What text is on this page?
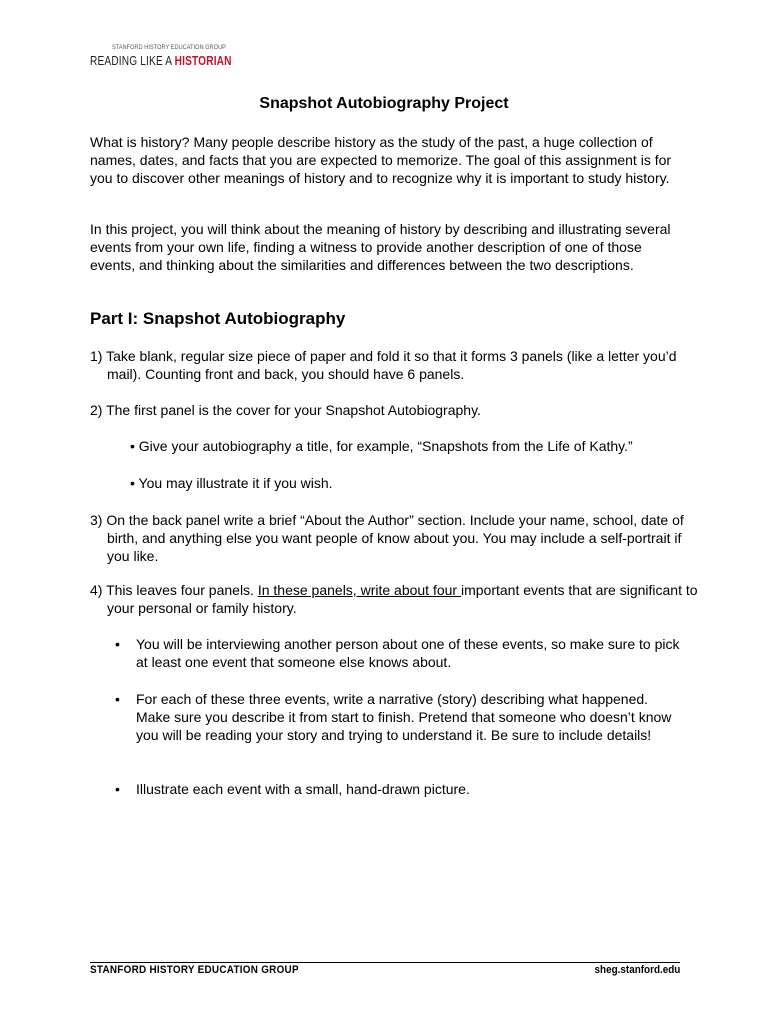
STANFORD HISTORY EDUCATION GROUP
READING LIKE A HISTORIAN
Snapshot Autobiography Project
What is history? Many people describe history as the study of the past, a huge collection of names, dates, and facts that you are expected to memorize. The goal of this assignment is for you to discover other meanings of history and to recognize why it is important to study history.
In this project, you will think about the meaning of history by describing and illustrating several events from your own life, finding a witness to provide another description of one of those events, and thinking about the similarities and differences between the two descriptions.
Part I: Snapshot Autobiography
1) Take blank, regular size piece of paper and fold it so that it forms 3 panels (like a letter you’d mail). Counting front and back, you should have 6 panels.
2) The first panel is the cover for your Snapshot Autobiography.
• Give your autobiography a title, for example, “Snapshots from the Life of Kathy.”
• You may illustrate it if you wish.
3) On the back panel write a brief “About the Author” section. Include your name, school, date of birth, and anything else you want people of know about you. You may include a self-portrait if you like.
4) This leaves four panels. In these panels, write about four important events that are significant to your personal or family history.
• You will be interviewing another person about one of these events, so make sure to pick at least one event that someone else knows about.
• For each of these three events, write a narrative (story) describing what happened. Make sure you describe it from start to finish. Pretend that someone who doesn’t know you will be reading your story and trying to understand it. Be sure to include details!
• Illustrate each event with a small, hand-drawn picture.
STANFORD HISTORY EDUCATION GROUP	sheg.stanford.edu
